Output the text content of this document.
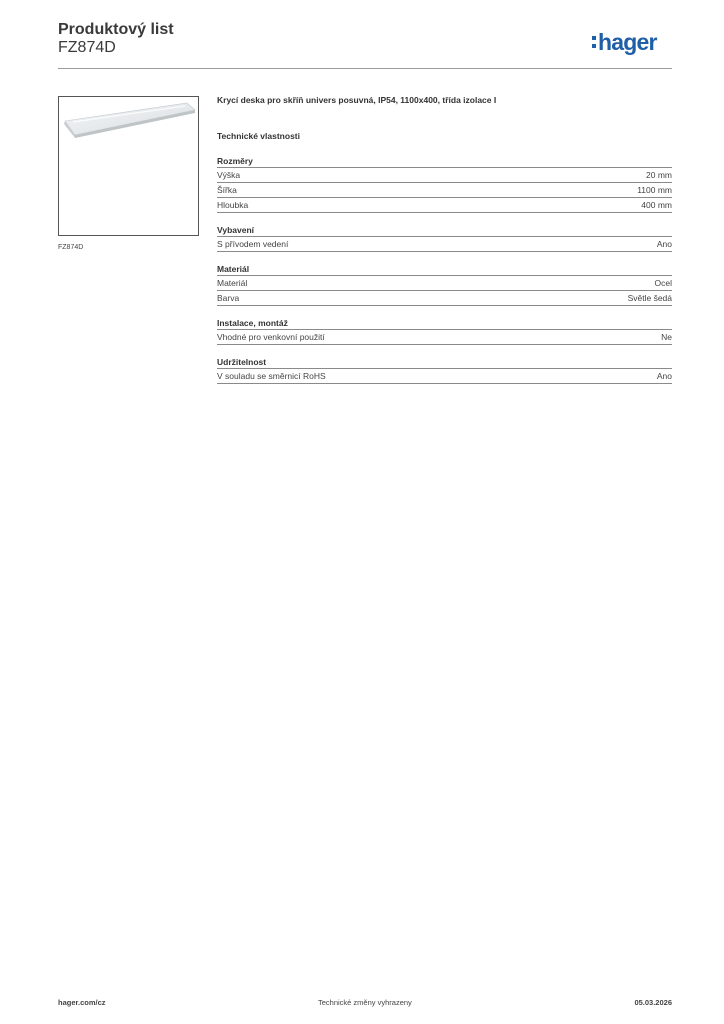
Produktový list
FZ874D	hager
FZ874D
Krycí deska pro skříň univers posuvná, IP54, 1100x400, třída izolace I
Technické vlastnosti
Rozměry
Výška	20 mm
Šířka	1100 mm
Hloubka	400 mm
Vybavení
S přívodem vedení	Ano
Materiál
Materiál	Ocel
Barva	Světle šedá
Instalace, montáž
Vhodné pro venkovní použití	Ne
Udržitelnost
V souladu se směrnicí RoHS	Ano
hager.com/cz	Technické změny vyhrazeny	05.03.2026
